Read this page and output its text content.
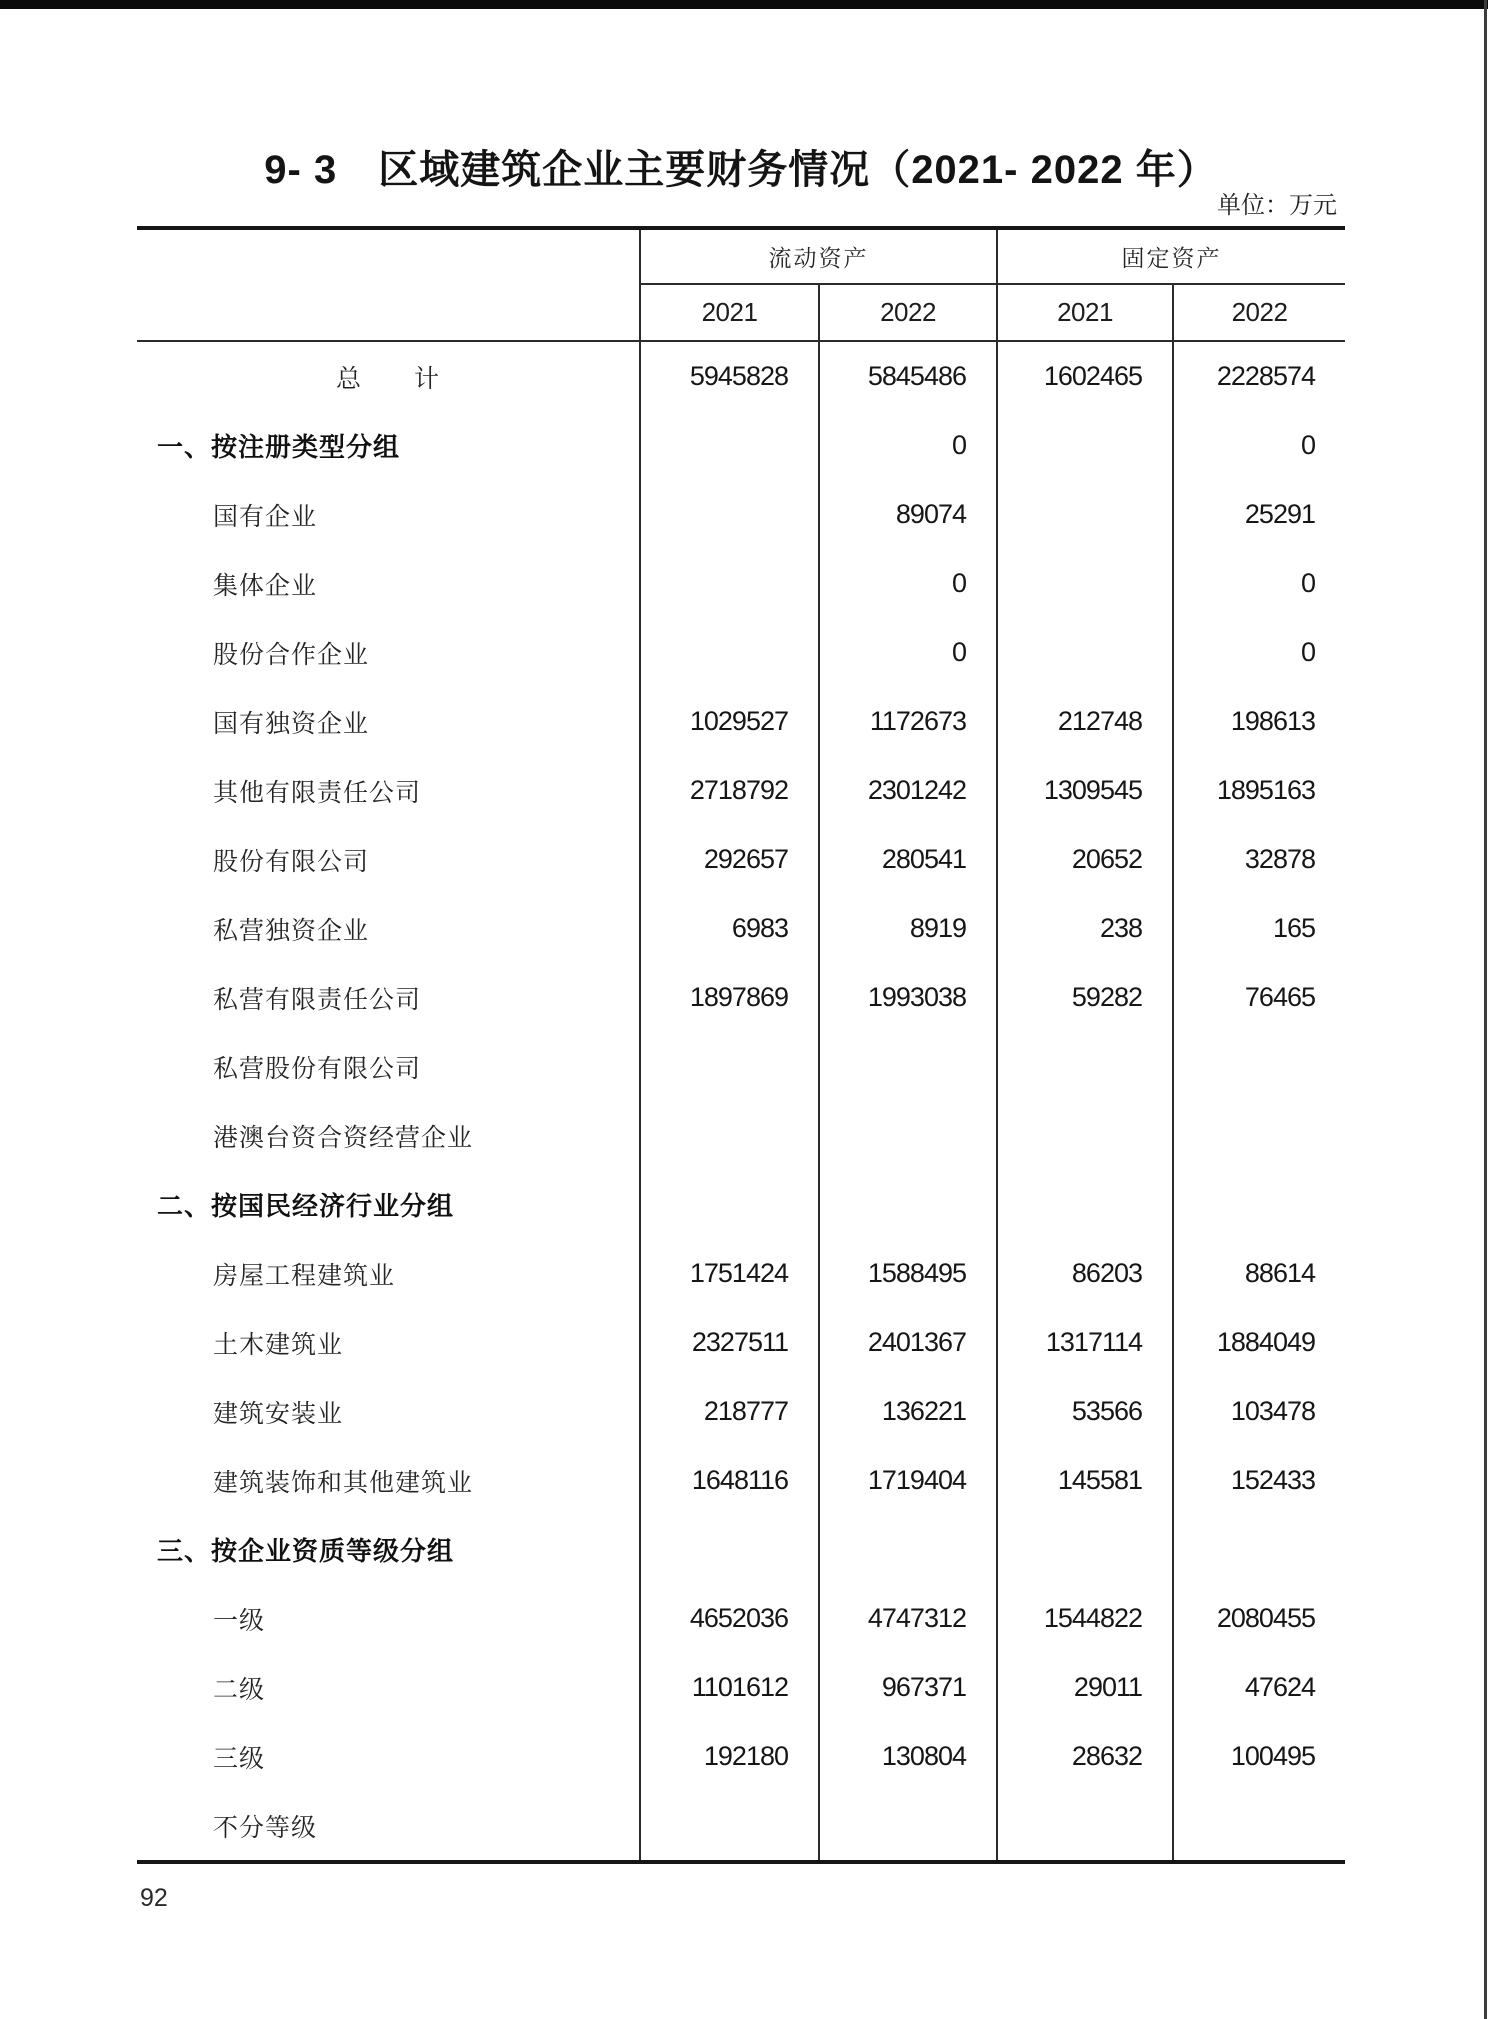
9- 3　区域建筑企业主要财务情况（2021- 2022 年）
单位：万元
	流动资产		固定资产	
	2021	2022	2021	2022
总　　计	5945828	5845486	1602465	2228574
一、按注册类型分组		0		0
国有企业		89074		25291
集体企业		0		0
股份合作企业		0		0
国有独资企业	1029527	1172673	212748	198613
其他有限责任公司	2718792	2301242	1309545	1895163
股份有限公司	292657	280541	20652	32878
私营独资企业	6983	8919	238	165
私营有限责任公司	1897869	1993038	59282	76465
私营股份有限公司				
港澳台资合资经营企业				
二、按国民经济行业分组				
房屋工程建筑业	1751424	1588495	86203	88614
土木建筑业	2327511	2401367	1317114	1884049
建筑安装业	218777	136221	53566	103478
建筑装饰和其他建筑业	1648116	1719404	145581	152433
三、按企业资质等级分组				
一级	4652036	4747312	1544822	2080455
二级	1101612	967371	29011	47624
三级	192180	130804	28632	100495
不分等级				
92
